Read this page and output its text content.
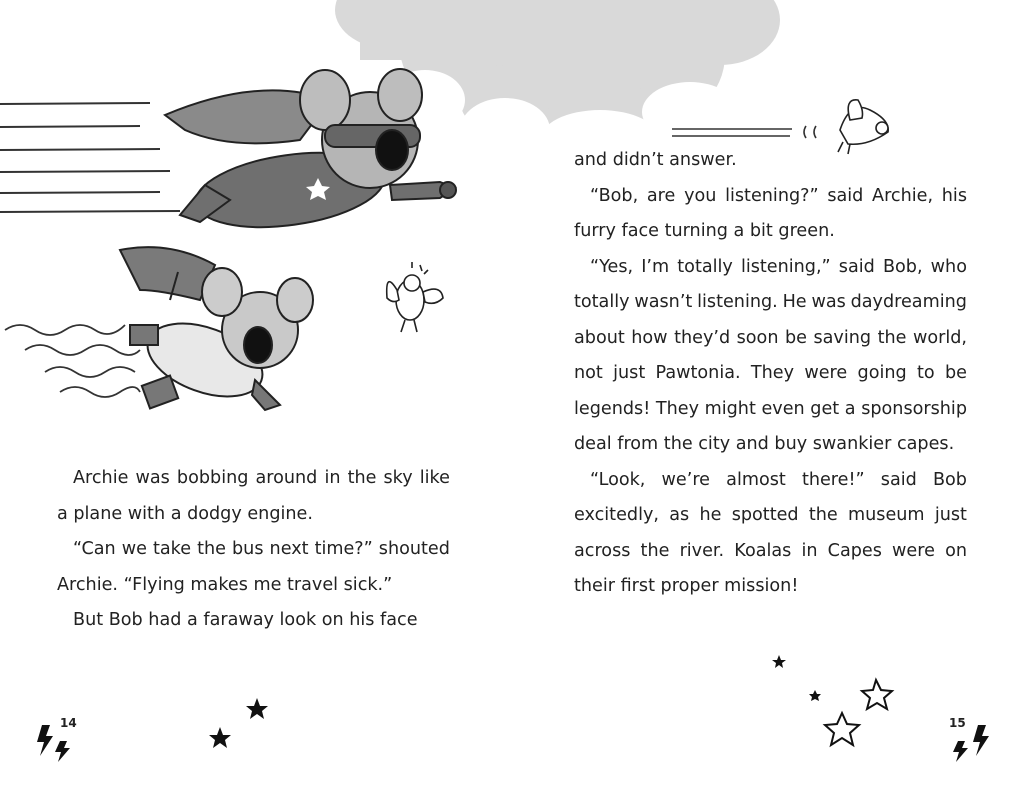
Archie was bobbing around in the sky like
a plane with a dodgy engine.
“Can we take the bus next time?” shouted
Archie. “Flying makes me travel sick.”
But Bob had a faraway look on his face
and didn’t answer.
“Bob, are you listening?” said Archie, his
furry face turning a bit green.
“Yes, I’m totally listening,” said Bob, who
totally wasn’t listening. He was daydreaming
about how they’d soon be saving the world,
not just Pawtonia. They were going to be
legends! They might even get a sponsorship
deal from the city and buy swankier capes.
“Look, we’re almost there!” said Bob
excitedly, as he spotted the museum just
across the river. Koalas in Capes were on
their first proper mission!
14	15
